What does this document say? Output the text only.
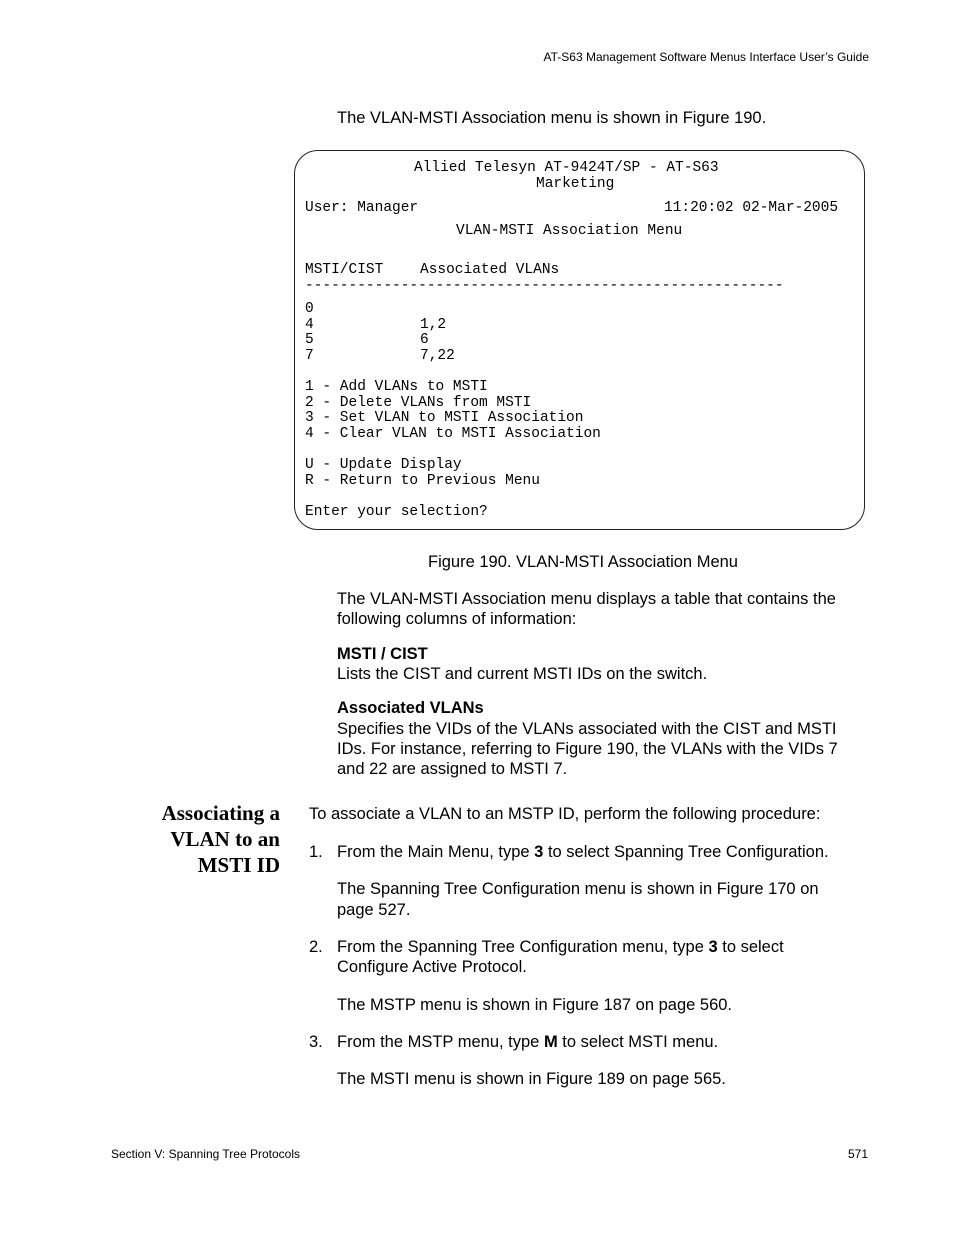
AT-S63 Management Software Menus Interface User’s Guide
The VLAN-MSTI Association menu is shown in Figure 190.
Allied Telesyn AT-9424T/SP - AT-S63
Marketing
User: Manager	11:20:02 02-Mar-2005
VLAN-MSTI Association Menu
MSTI/CIST	Associated VLANs
-------------------------------------------------------
0
4	1,2
5	6
7	7,22
1 - Add VLANs to MSTI
2 - Delete VLANs from MSTI
3 - Set VLAN to MSTI Association
4 - Clear VLAN to MSTI Association
U - Update Display
R - Return to Previous Menu
Enter your selection?
Figure 190. VLAN-MSTI Association Menu
The VLAN-MSTI Association menu displays a table that contains the
following columns of information:
MSTI / CIST
Lists the CIST and current MSTI IDs on the switch.
Associated VLANs
Specifies the VIDs of the VLANs associated with the CIST and MSTI
IDs. For instance, referring to Figure 190, the VLANs with the VIDs 7
and 22 are assigned to MSTI 7.
Associating a
VLAN to an
MSTI ID
To associate a VLAN to an MSTP ID, perform the following procedure:
1. From the Main Menu, type 3 to select Spanning Tree Configuration.
The Spanning Tree Configuration menu is shown in Figure 170 on
page 527.
2. From the Spanning Tree Configuration menu, type 3 to select
Configure Active Protocol.
The MSTP menu is shown in Figure 187 on page 560.
3. From the MSTP menu, type M to select MSTI menu.
The MSTI menu is shown in Figure 189 on page 565.
Section V: Spanning Tree Protocols	571
